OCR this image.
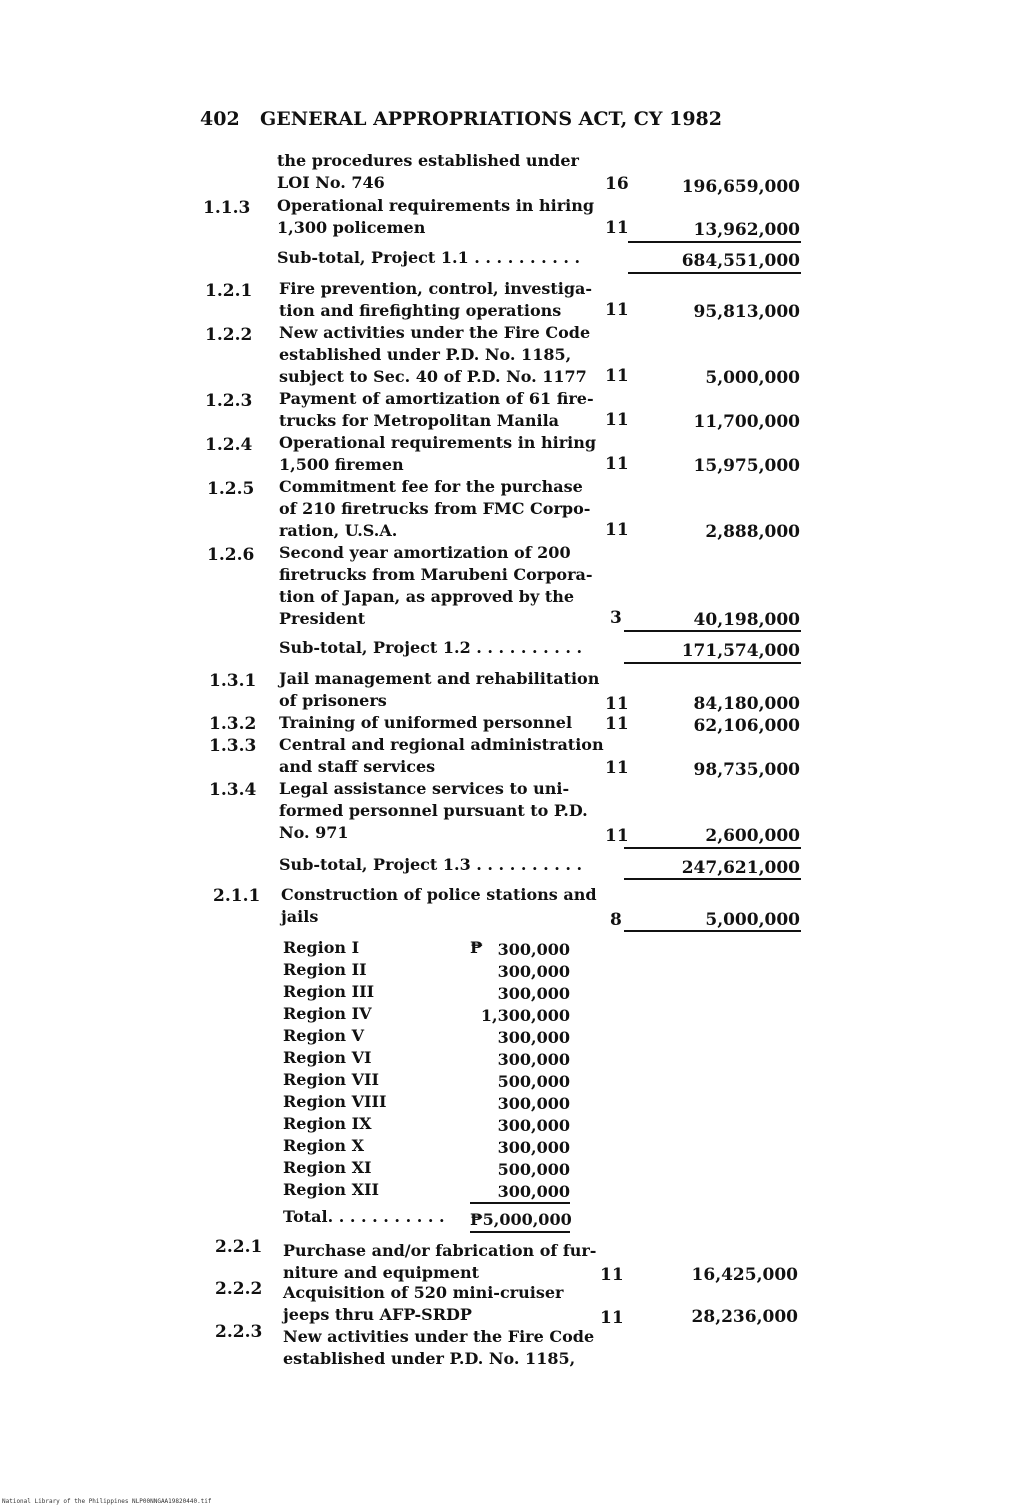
402 GENERAL APPROPRIATIONS ACT, CY 1982
the procedures established under
LOI No. 746	16	196,659,000
1.1.3 Operational requirements in hiring
1,300 policemen	11	13,962,000
Sub-total, Project 1.1 . . . . . . . . . .	684,551,000
1.2.1 Fire prevention, control, investiga-
tion and firefighting operations	11	95,813,000
1.2.2 New activities under the Fire Code
established under P.D. No. 1185,
subject to Sec. 40 of P.D. No. 1177 11	5,000,000
1.2.3 Payment of amortization of 61 fire-
trucks for Metropolitan Manila	11	11,700,000
1.2.4 Operational requirements in hiring
1,500 firemen	11	15,975,000
1.2.5 Commitment fee for the purchase
of 210 firetrucks from FMC Corpo-
ration, U.S.A.	11	2,888,000
1.2.6 Second year amortization of 200
firetrucks from Marubeni Corpora-
tion of Japan, as approved by the
President	3	40,198,000
Sub-total, Project 1.2 . . . . . . . . . .	171,574,000
1.3.1 Jail management and rehabilitation
of prisoners	11	84,180,000
1.3.2 Training of uniformed personnel 11	62,106,000
1.3.3 Central and regional administration
and staff services	11	98,735,000
1.3.4 Legal assistance services to uni-
formed personnel pursuant to P.D.
No. 971	11	2,600,000
Sub-total, Project 1.3 . . . . . . . . . .	247,621,000
2.1.1 Construction of police stations and
jails	8	5,000,000
Region I	₱ 300,000
Region II	300,000
Region III	300,000
Region IV	1,300,000
Region V	300,000
Region VI	300,000
Region VII	500,000
Region VIII	300,000
Region IX	300,000
Region X	300,000
Region XI	500,000
Region XII	300,000
Total. . . . . . . . . . . ₱5,000,000
2.2.1 Purchase and/or fabrication of fur-
niture and equipment	11	16,425,000
2.2.2 Acquisition of 520 mini-cruiser
jeeps thru AFP-SRDP	11	28,236,000
2.2.3 New activities under the Fire Code
established under P.D. No. 1185,
National Library of the Philippines NLP00NNGAA19820440.tif
